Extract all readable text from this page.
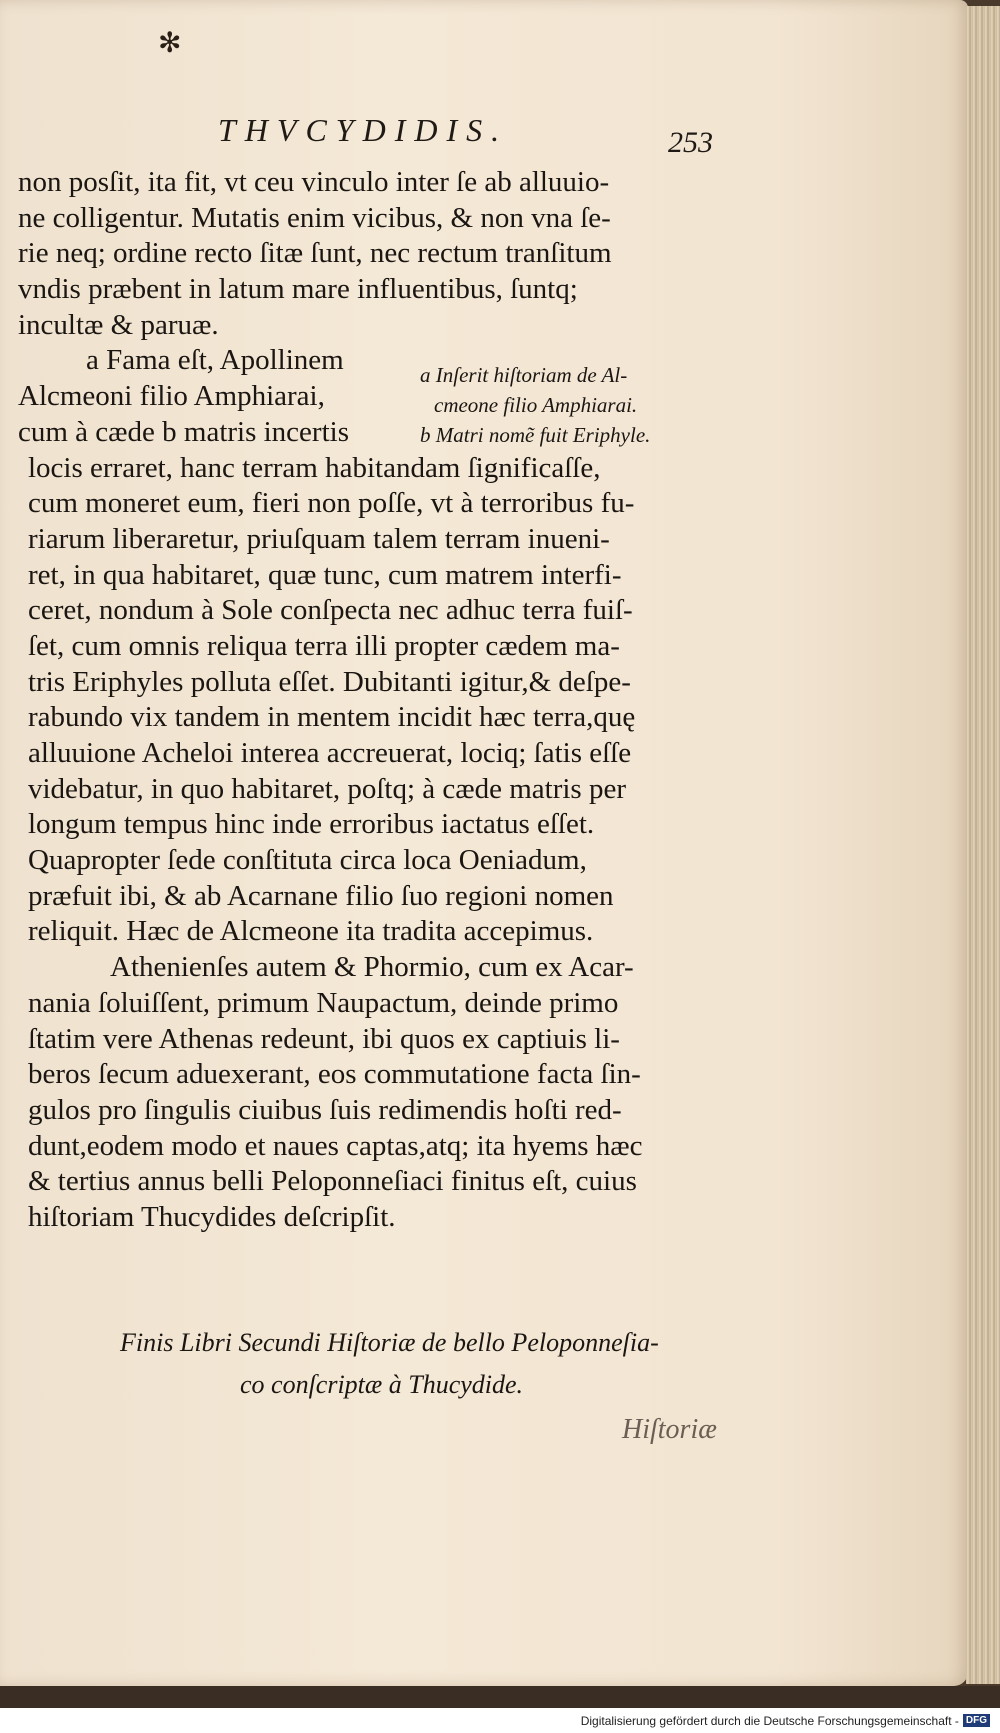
✻
THVCYDIDIS.	253
non posſit, ita fit, vt ceu vinculo inter ſe ab alluuio-
ne colligentur. Mutatis enim vicibus, & non vna ſe-
rie neq; ordine recto ſitæ ſunt, nec rectum tranſitum
vndis præbent in latum mare influentibus, ſuntq;
incultæ & paruæ.
a Fama eſt, Apollinem
Alcmeoni filio Amphiarai,
cum à cæde b matris incertis
locis erraret, hanc terram habitandam ſignificaſſe,
cum moneret eum, fieri non poſſe, vt à terroribus fu-
riarum liberaretur, priuſquam talem terram inueni-
ret, in qua habitaret, quæ tunc, cum matrem interfi-
ceret, nondum à Sole conſpecta nec adhuc terra fuiſ-
ſet, cum omnis reliqua terra illi propter cædem ma-
tris Eriphyles polluta eſſet. Dubitanti igitur,& deſpe-
rabundo vix tandem in mentem incidit hæc terra,quę
alluuione Acheloi interea accreuerat, lociq; ſatis eſſe
videbatur, in quo habitaret, poſtq; à cæde matris per
longum tempus hinc inde erroribus iactatus eſſet.
Quapropter ſede conſtituta circa loca Oeniadum,
præfuit ibi, & ab Acarnane filio ſuo regioni nomen
reliquit. Hæc de Alcmeone ita tradita accepimus.
Athenienſes autem & Phormio, cum ex Acar-
nania ſoluiſſent, primum Naupactum, deinde primo
ſtatim vere Athenas redeunt, ibi quos ex captiuis li-
beros ſecum aduexerant, eos commutatione facta ſin-
gulos pro ſingulis ciuibus ſuis redimendis hoſti red-
dunt,eodem modo et naues captas,atq; ita hyems hæc
& tertius annus belli Peloponneſiaci finitus eſt, cuius
hiſtoriam Thucydides deſcripſit.
a Inſerit hiſtoriam de Al-
cmeone filio Amphiarai.
b Matri nomẽ fuit Eriphyle.
Finis Libri Secundi Hiſtoriæ de bello Peloponneſia-
co conſcriptæ à Thucydide.
Hiſtoriæ
Digitalisierung gefördert durch die Deutsche Forschungsgemeinschaft - DFG
